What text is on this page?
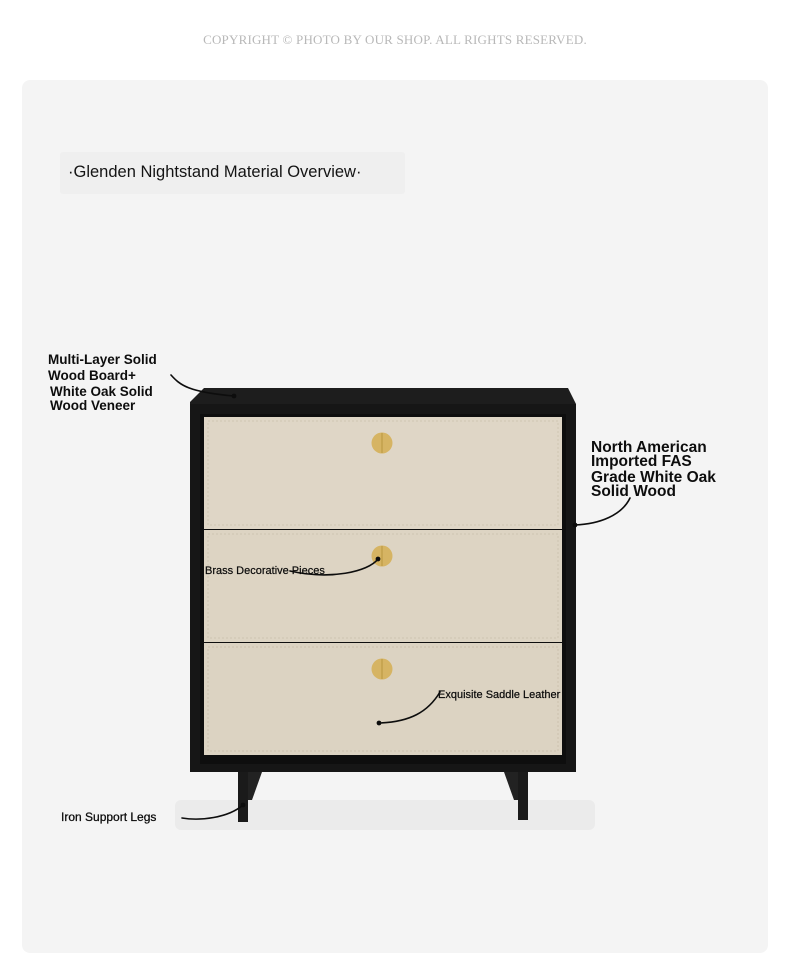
COPYRIGHT © PHOTO BY OUR SHOP. ALL RIGHTS RESERVED.
·Glenden Nightstand Material Overview·
Multi-Layer Solid
Wood Board+
White Oak Solid
Wood Veneer
North American
Imported FAS
Grade White Oak
Solid Wood
Brass Decorative Pieces
Exquisite Saddle Leather
Iron Support Legs
